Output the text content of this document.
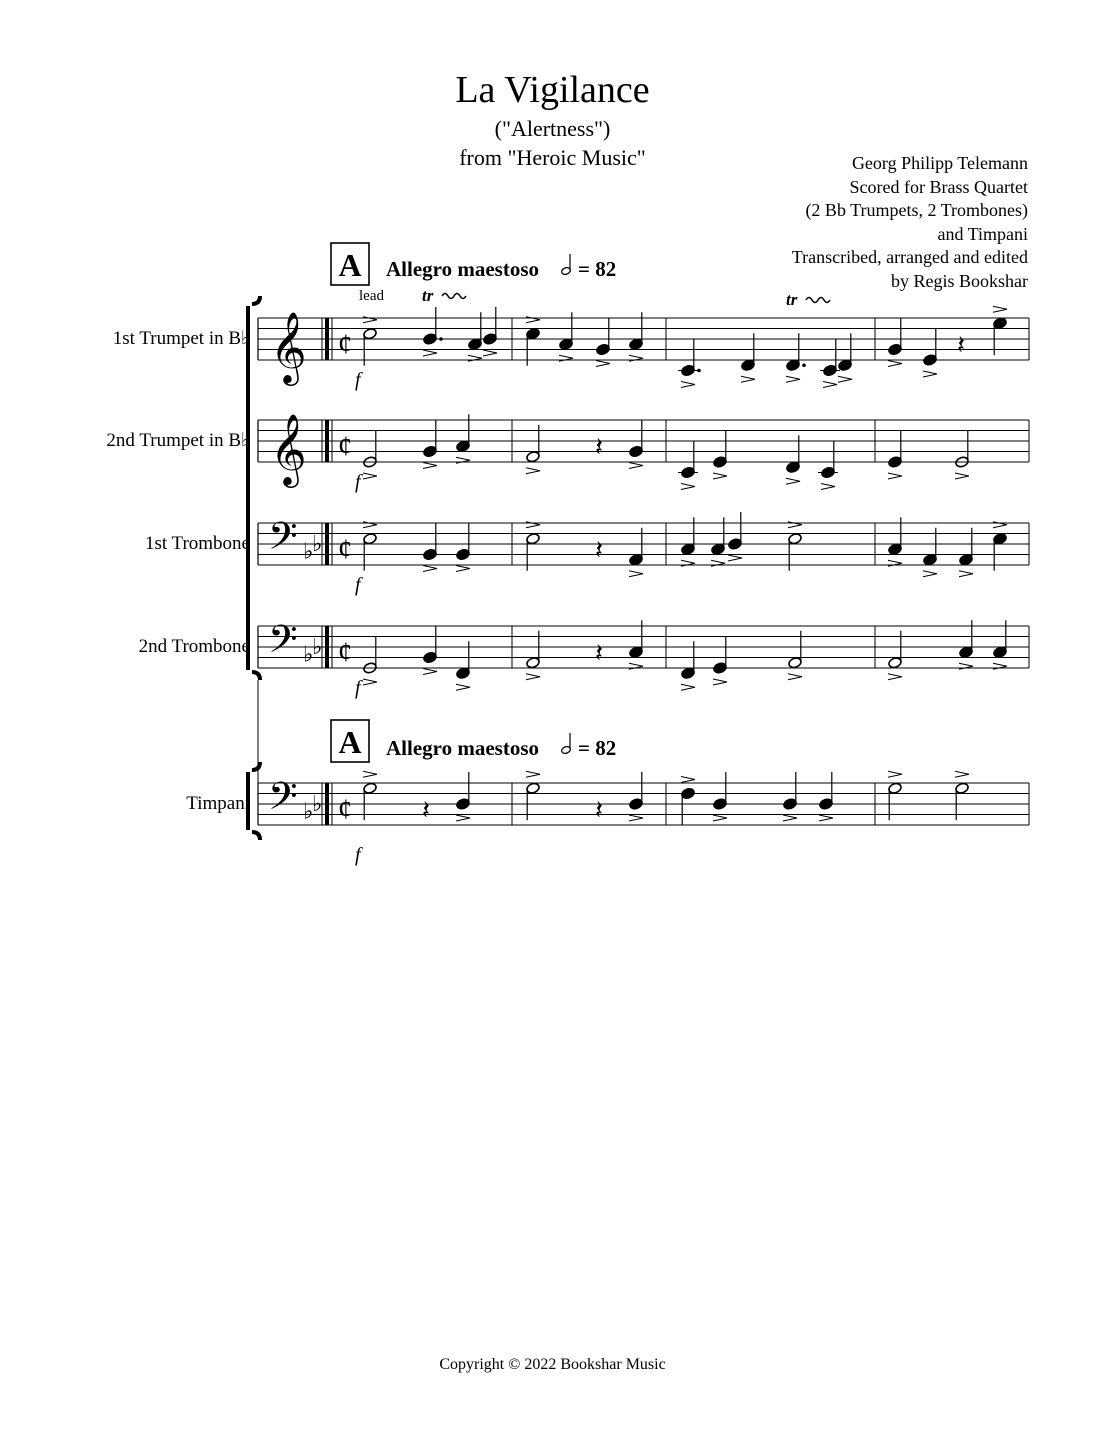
La Vigilance
("Alertness")
from "Heroic Music"	Georg Philipp Telemann
Scored for Brass Quartet
(2 Bb Trumpets, 2 Trombones)
and Timpani
Transcribed, arranged and edited
by Regis Bookshar
1st Trumpet in B♭
2nd Trumpet in B♭
1st Trombone
2nd Trombone
Timpani
𝄞 ¢
f
𝄞 ¢
f
𝄢 ♭
♭ ¢
f
𝄢 ♭
♭ ¢
f
𝄢 ♭
♭ ¢
f
A
A
Allegro maestoso = 82
Allegro maestoso = 82
lead tr	tr
𝄽
𝄽
𝄽
𝄽	𝄽
𝄽
Copyright © 2022 Bookshar Music
